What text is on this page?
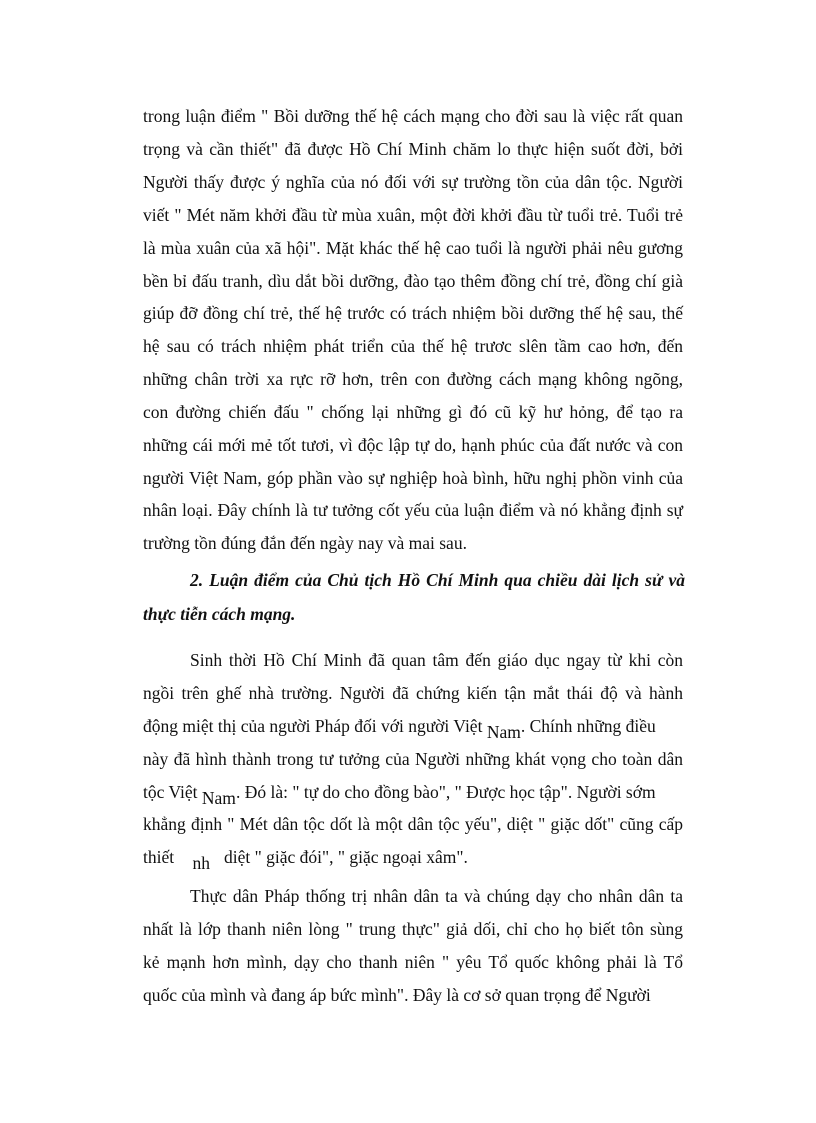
trong luận điểm " Bồi dưỡng thế hệ cách mạng cho đời sau là việc rất quan
trọng và cần thiết" đã được Hồ Chí Minh chăm lo thực hiện suốt đời, bởi
Người thấy được ý nghĩa của nó đối với sự trường tồn của dân tộc. Người
viết " Mét năm khởi đầu từ mùa xuân, một đời khởi đầu từ tuổi trẻ. Tuổi trẻ
là mùa xuân của xã hội". Mặt khác thế hệ cao tuổi là người phải nêu gương
bền bỉ đấu tranh, dìu dắt bồi dưỡng, đào tạo thêm đồng chí trẻ, đồng chí già
giúp đỡ đồng chí trẻ, thế hệ trước có trách nhiệm bồi dưỡng thế hệ sau, thế
hệ sau có trách nhiệm phát triển của thế hệ trươc slên tầm cao hơn, đến
những chân trời xa rực rỡ hơn, trên con đường cách mạng không ngõng,
con đường chiến đấu " chống lại những gì đó cũ kỹ hư hỏng, để tạo ra
những cái mới mẻ tốt tươi, vì độc lập tự do, hạnh phúc của đất nước và con
người Việt Nam, góp phần vào sự nghiệp hoà bình, hữu nghị phồn vinh của
nhân loại. Đây chính là tư tưởng cốt yếu của luận điểm và nó khẳng định sự
trường tồn đúng đắn đến ngày nay và mai sau.
2. Luận điểm của Chủ tịch Hồ Chí Minh qua chiều dài lịch sử và
thực tiễn cách mạng.
Sinh thời Hồ Chí Minh đã quan tâm đến giáo dục ngay từ khi còn
ngồi trên ghế nhà trường. Người đã chứng kiến tận mắt thái độ và hành
động miệt thị của người Pháp đối với người Việt Nam. Chính những điều
này đã hình thành trong tư tưởng của Người những khát vọng cho toàn dân
tộc Việt Nam. Đó là: " tự do cho đồng bào", " Được học tập". Người sớm
khẳng định " Mét dân tộc dốt là một dân tộc yếu", diệt " giặc dốt" cũng cấp
thiết nh diệt " giặc đói", " giặc ngoại xâm".
Thực dân Pháp thống trị nhân dân ta và chúng dạy cho nhân dân ta
nhất là lớp thanh niên lòng " trung thực" giả dối, chỉ cho họ biết tôn sùng
kẻ mạnh hơn mình, dạy cho thanh niên " yêu Tổ quốc không phải là Tổ
quốc của mình và đang áp bức mình". Đây là cơ sở quan trọng để Người
